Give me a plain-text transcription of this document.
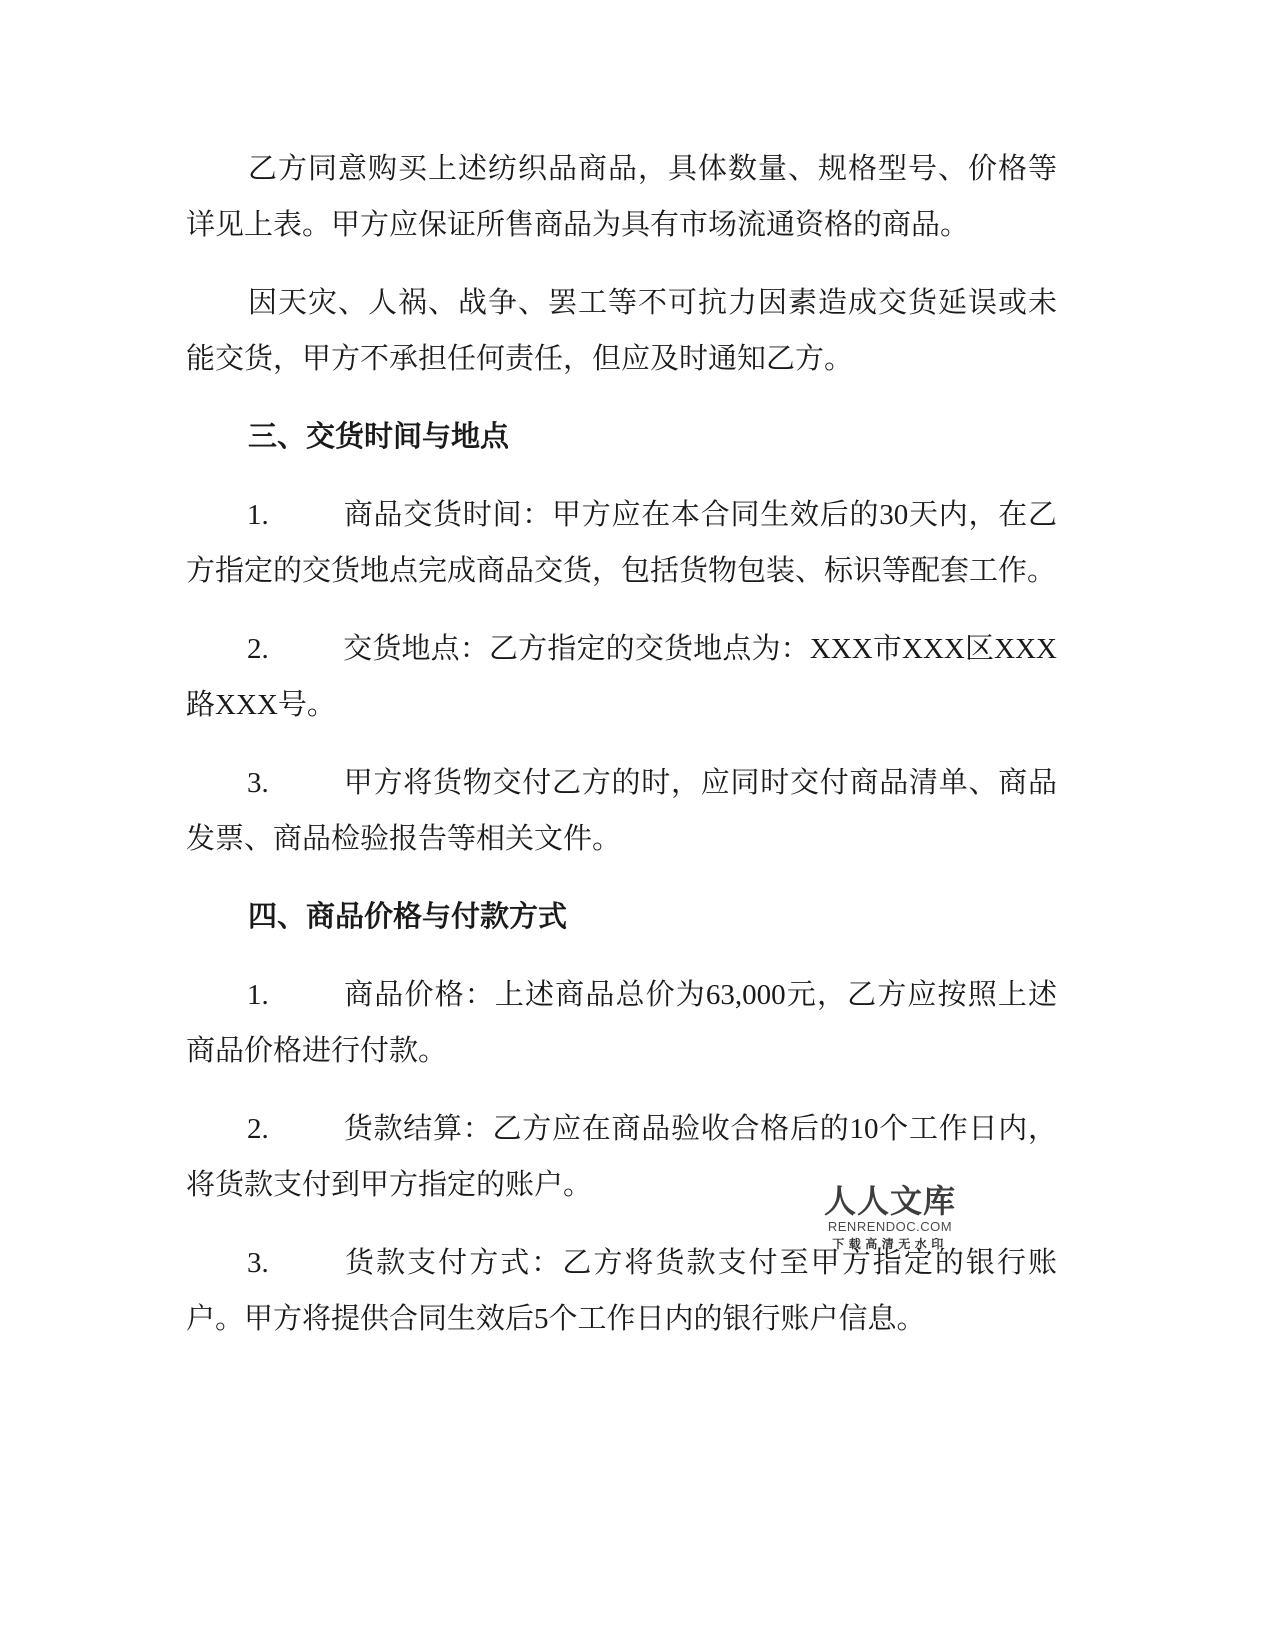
乙方同意购买上述纺织品商品，具体数量、规格型号、价格等详见上表。甲方应保证所售商品为具有市场流通资格的商品。

因天灾、人祸、战争、罢工等不可抗力因素造成交货延误或未能交货，甲方不承担任何责任，但应及时通知乙方。

三、交货时间与地点

1.	商品交货时间：甲方应在本合同生效后的30天内，在乙方指定的交货地点完成商品交货，包括货物包装、标识等配套工作。

2.	交货地点：乙方指定的交货地点为：XXX市XXX区XXX路XXX号。

3.	甲方将货物交付乙方的时，应同时交付商品清单、商品发票、商品检验报告等相关文件。

四、商品价格与付款方式

1.	商品价格：上述商品总价为63,000元，乙方应按照上述商品价格进行付款。

2.	货款结算：乙方应在商品验收合格后的10个工作日内，将货款支付到甲方指定的账户。

3.	货款支付方式：乙方将货款支付至甲方指定的银行账户。甲方将提供合同生效后5个工作日内的银行账户信息。

人人文库
RENRENDOC.COM
下载高清无水印
